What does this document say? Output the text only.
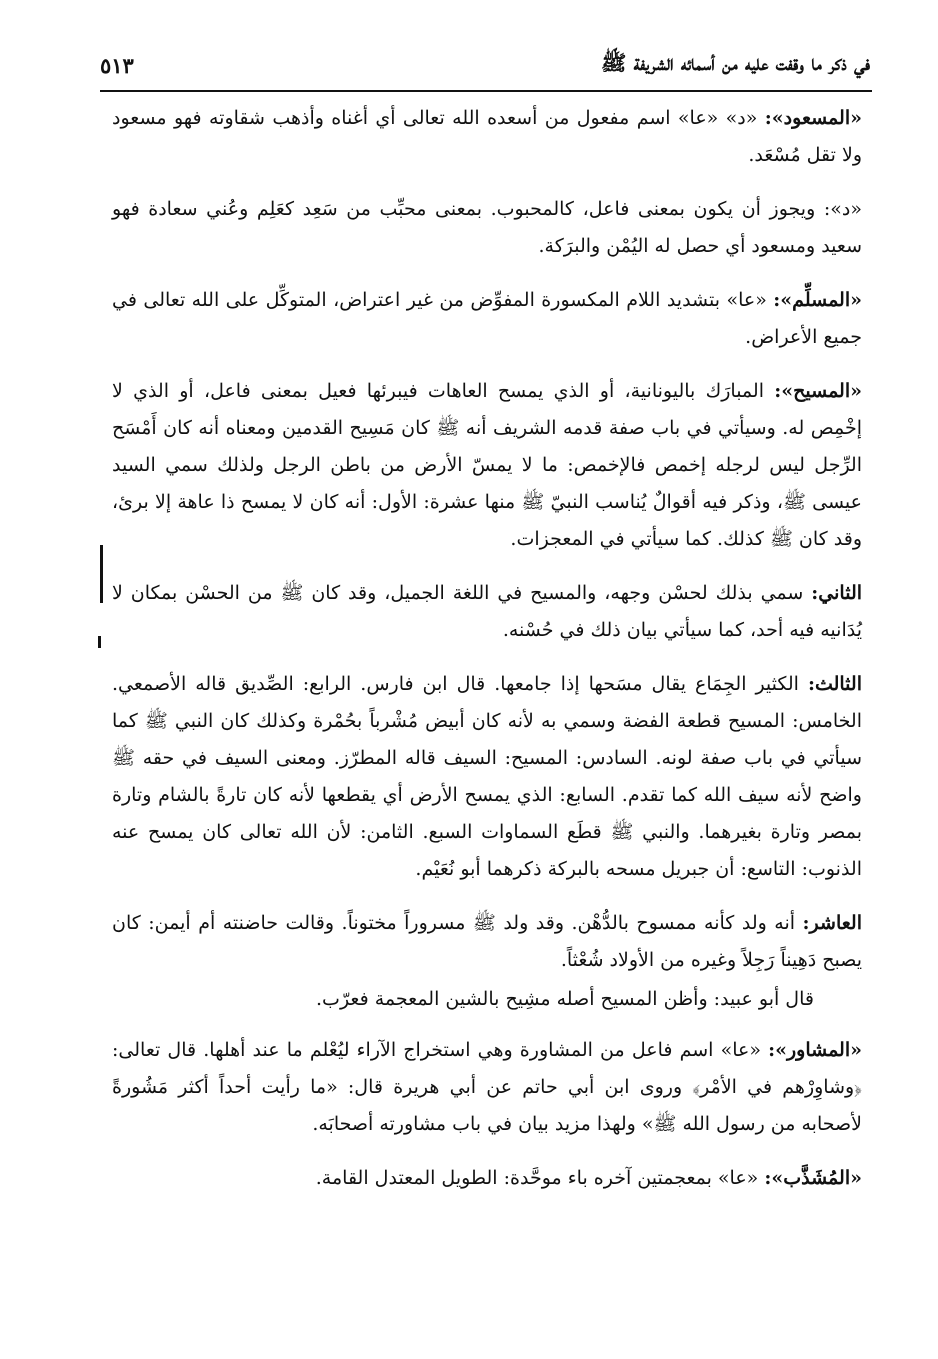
في ذكر ما وقفت عليه من أسمائه الشريفة ﷺ
٥١٣

«المسعود»: «د» «عا» اسم مفعول من أسعده الله تعالى أي أغناه وأذهب شقاوته فهو مسعود ولا تقل مُسْعَد.

«د»: ويجوز أن يكون بمعنى فاعل، كالمحبوب. بمعنى محبِّب من سَعِد كعَلِم وعُني سعادة فهو سعيد ومسعود أي حصل له اليُمْن والبرَكة.

«المسلِّم»: «عا» بتشديد اللام المكسورة المفوِّض من غير اعتراض، المتوكِّل على الله تعالى في جميع الأعراض.

«المسيح»: المبارَك باليونانية، أو الذي يمسح العاهات فيبرئها فعيل بمعنى فاعل، أو الذي لا إخْمِص له. وسيأتي في باب صفة قدمه الشريف أنه ﷺ كان مَسِيح القدمين ومعناه أنه كان أَمْسَح الرِّجل ليس لرجله إخمص فالإخمص: ما لا يمسّ الأرض من باطن الرجل ولذلك سمي السيد عيسى ﷺ، وذكر فيه أقوالٌ يُناسب النبيّ ﷺ منها عشرة: الأول: أنه كان لا يمسح ذا عاهة إلا برئ، وقد كان ﷺ كذلك. كما سيأتي في المعجزات.

الثاني: سمي بذلك لحسْن وجهه، والمسيح في اللغة الجميل، وقد كان ﷺ من الحسْن بمكان لا يُدَانيه فيه أحد، كما سيأتي بيان ذلك في حُسْنه.

الثالث: الكثير الجِمَاع يقال مسَحها إذا جامعها. قال ابن فارس. الرابع: الصِّديق قاله الأصمعي. الخامس: المسيح قطعة الفضة وسمي به لأنه كان أبيض مُشْرباً بحُمْرة وكذلك كان النبي ﷺ كما سيأتي في باب صفة لونه. السادس: المسيح: السيف قاله المطرّز. ومعنى السيف في حقه ﷺ واضح لأنه سيف الله كما تقدم. السابع: الذي يمسح الأرض أي يقطعها لأنه كان تارةً بالشام وتارة بمصر وتارة بغيرهما. والنبي ﷺ قطَع السماوات السبع. الثامن: لأن الله تعالى كان يمسح عنه الذنوب: التاسع: أن جبريل مسحه بالبركة ذكرهما أبو نُعَيْم.

العاشر: أنه ولد كأنه ممسوح بالدُّهْن. وقد ولد ﷺ مسروراً مختوناً. وقالت حاضنته أم أيمن: كان يصبح دَهِيناً رَجِلاً وغيره من الأولاد شُعْثاً.

قال أبو عبيد: وأظن المسيح أصله مشِيح بالشين المعجمة فعرّب.

«المشاور»: «عا» اسم فاعل من المشاورة وهي استخراج الآراء ليُعْلم ما عند أهلها. قال تعالى: ﴿وشاوِرْهم في الأمْر﴾ وروى ابن أبي حاتم عن أبي هريرة قال: «ما رأيت أحداً أكثر مَشُورةً لأصحابه من رسول الله ﷺ» ولهذا مزيد بيان في باب مشاورته أصحابَه.

«المُشَذَّب»: «عا» بمعجمتين آخره باء موحَّدة: الطويل المعتدل القامة.
